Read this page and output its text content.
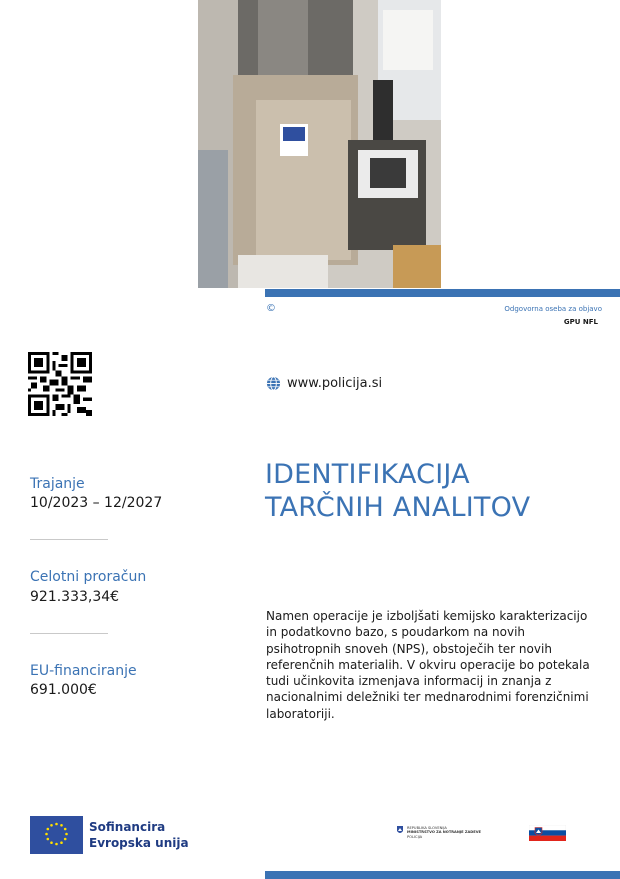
©	Odgovorna oseba za objavo
GPU NFL
www.policija.si
Trajanje
10/2023 – 12/2027
Celotni proračun
921.333,34€
EU-financiranje
691.000€
IDENTIFIKACIJA
TARČNIH ANALITOV
Namen operacije je izboljšati kemijsko karakterizacijo in podatkovno bazo, s poudarkom na novih psihotropnih snoveh (NPS), obstoječih ter novih referenčnih materialih. V okviru operacije bo potekala tudi učinkovita izmenjava informacij in znanja z nacionalnimi deležniki ter mednarodnimi forenzičnimi laboratoriji.
Sofinancira
Evropska unija
REPUBLIKA SLOVENIJA
MINISTRSTVO ZA NOTRANJE ZADEVE
POLICIJA
